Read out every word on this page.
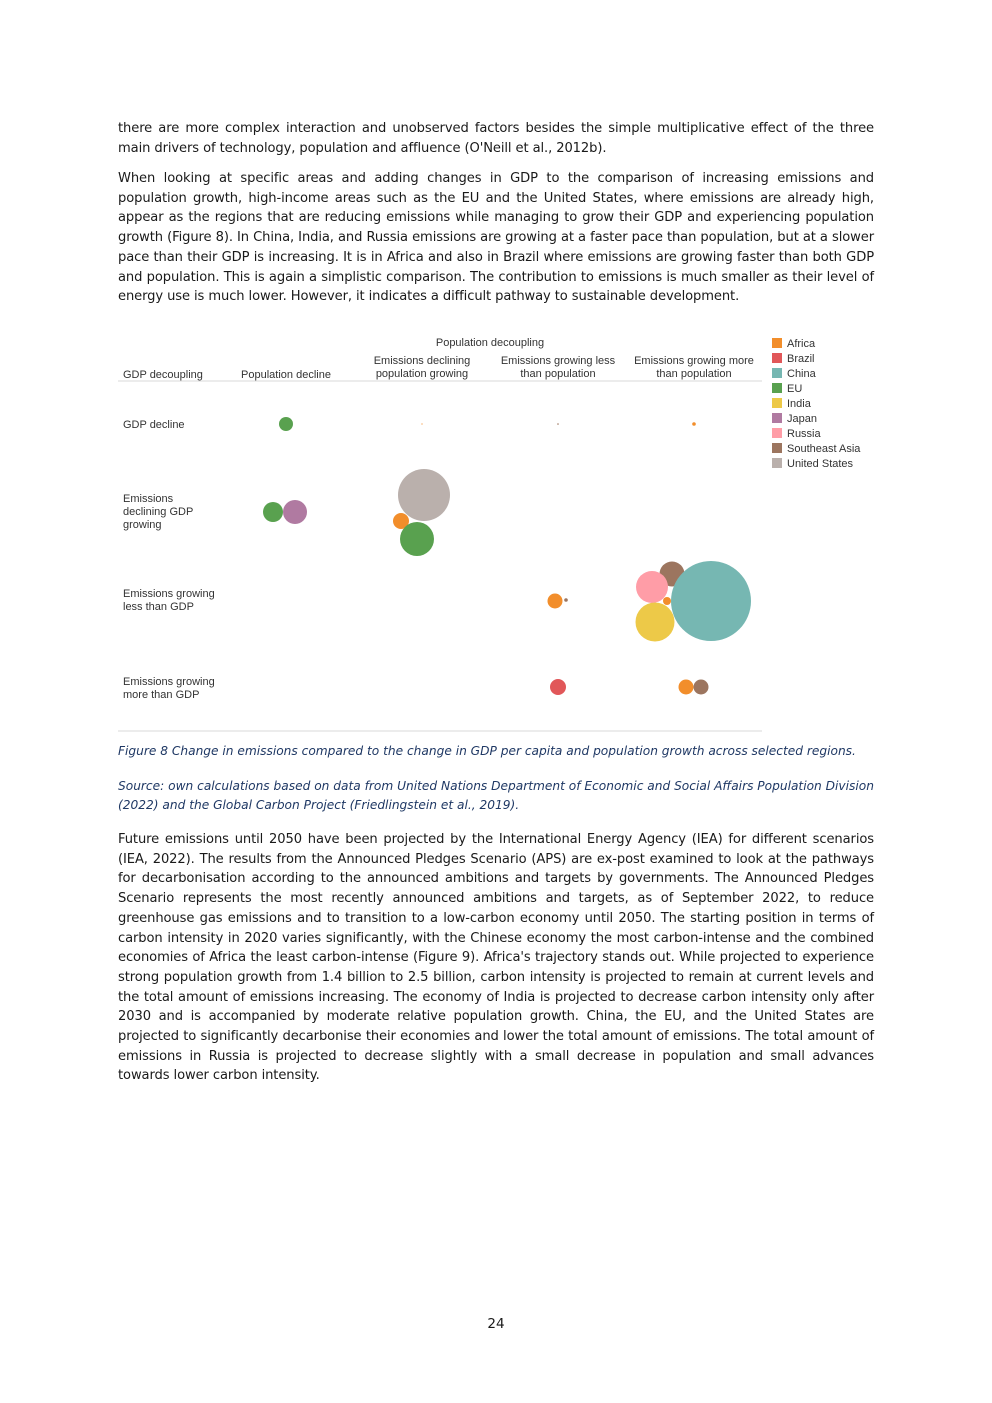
there are more complex interaction and unobserved factors besides the simple multiplicative effect of the three main drivers of technology, population and affluence (O'Neill et al., 2012b).

When looking at specific areas and adding changes in GDP to the comparison of increasing emissions and population growth, high-income areas such as the EU and the United States, where emissions are already high, appear as the regions that are reducing emissions while managing to grow their GDP and experiencing population growth (Figure 8). In China, India, and Russia emissions are growing at a faster pace than population, but at a slower pace than their GDP is increasing. It is in Africa and also in Brazil where emissions are growing faster than both GDP and population. This is again a simplistic comparison. The contribution to emissions is much smaller as their level of energy use is much lower. However, it indicates a difficult pathway to sustainable development.

Population decoupling
GDP decoupling	Population decline
Emissions declining
population growing
Emissions growing less
than population
Emissions growing more
than population
GDP decline
Emissions
declining GDP
growing
Emissions growing
less than GDP
Emissions growing
more than GDP
Africa
Brazil
China
EU
India
Japan
Russia
Southeast Asia
United States

Figure 8 Change in emissions compared to the change in GDP per capita and population growth across selected regions.

Source: own calculations based on data from United Nations Department of Economic and Social Affairs Population Division (2022) and the Global Carbon Project (Friedlingstein et al., 2019).

Future emissions until 2050 have been projected by the International Energy Agency (IEA) for different scenarios (IEA, 2022). The results from the Announced Pledges Scenario (APS) are ex-post examined to look at the pathways for decarbonisation according to the announced ambitions and targets by governments. The Announced Pledges Scenario represents the most recently announced ambitions and targets, as of September 2022, to reduce greenhouse gas emissions and to transition to a low-carbon economy until 2050. The starting position in terms of carbon intensity in 2020 varies significantly, with the Chinese economy the most carbon-intense and the combined economies of Africa the least carbon-intense (Figure 9). Africa's trajectory stands out. While projected to experience strong population growth from 1.4 billion to 2.5 billion, carbon intensity is projected to remain at current levels and the total amount of emissions increasing. The economy of India is projected to decrease carbon intensity only after 2030 and is accompanied by moderate relative population growth. China, the EU, and the United States are projected to significantly decarbonise their economies and lower the total amount of emissions. The total amount of emissions in Russia is projected to decrease slightly with a small decrease in population and small advances towards lower carbon intensity.

24
